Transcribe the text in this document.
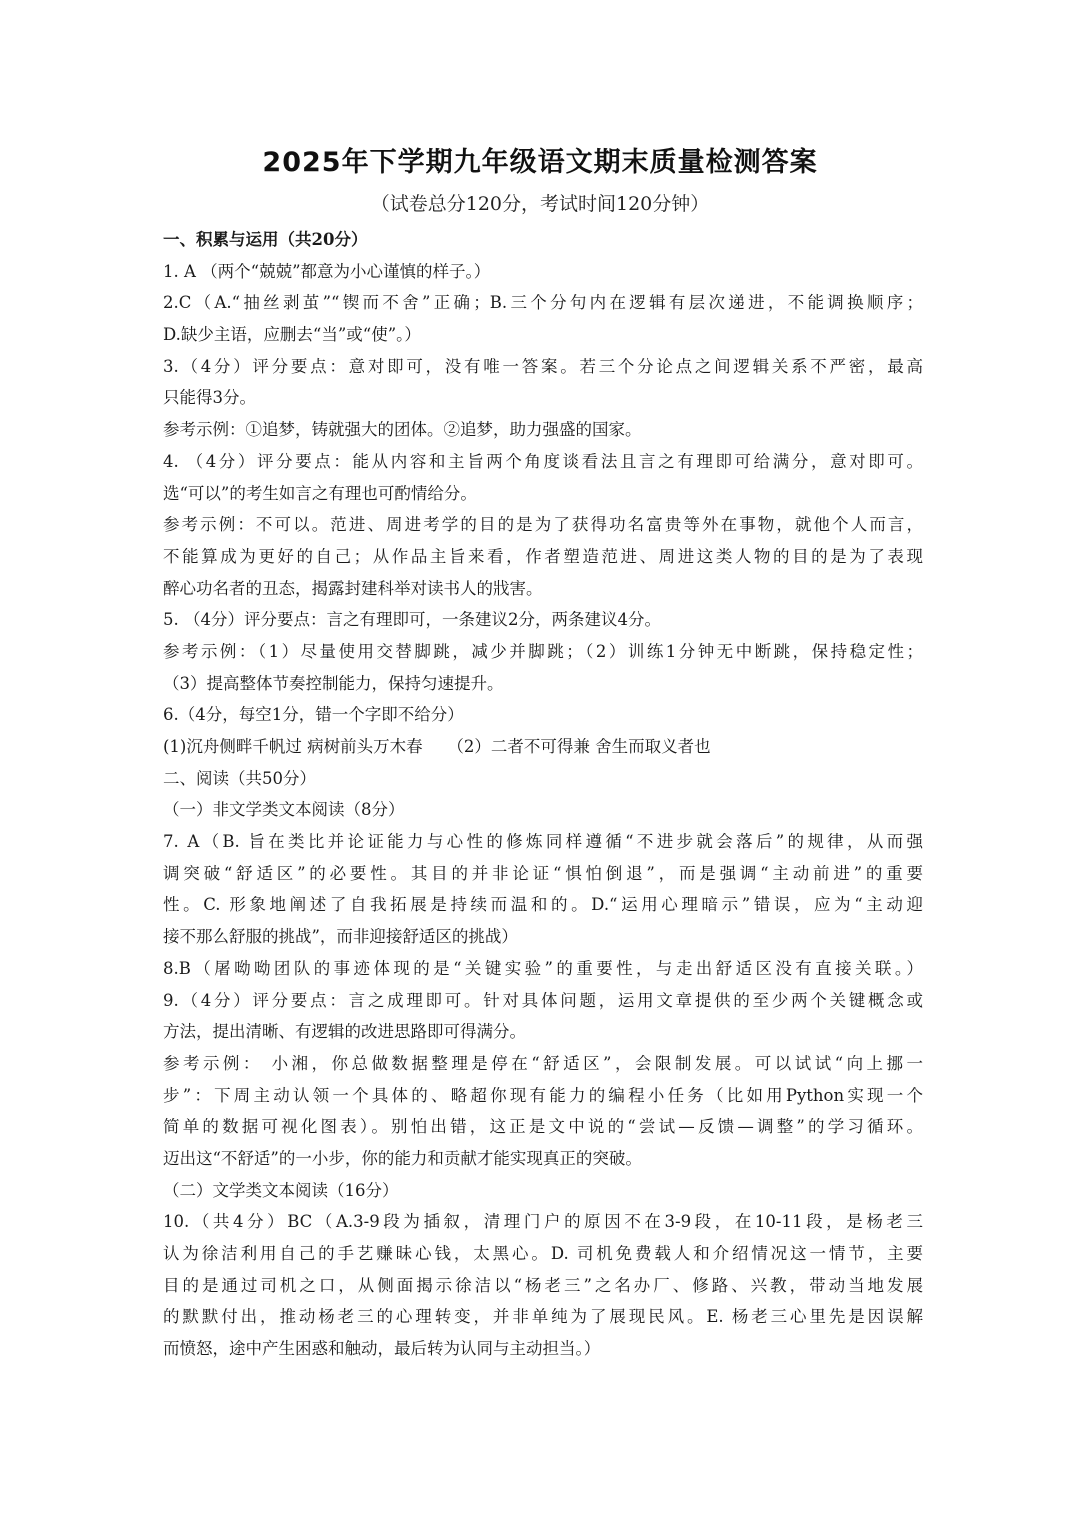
2025年下学期九年级语文期末质量检测答案
（试卷总分120分，考试时间120分钟）
一、积累与运用（共20分）
1. A （两个“兢兢”都意为小心谨慎的样子。）
2.C（A.“抽丝剥茧”“锲而不舍”正确；B.三个分句内在逻辑有层次递进，不能调换顺序；
D.缺少主语，应删去“当”或“使”。）
3.（4分）评分要点：意对即可，没有唯一答案。若三个分论点之间逻辑关系不严密，最高
只能得3分。
参考示例：①追梦，铸就强大的团体。②追梦，助力强盛的国家。
4. （4分）评分要点：能从内容和主旨两个角度谈看法且言之有理即可给满分，意对即可。
选“可以”的考生如言之有理也可酌情给分。
参考示例：不可以。范进、周进考学的目的是为了获得功名富贵等外在事物，就他个人而言，
不能算成为更好的自己；从作品主旨来看，作者塑造范进、周进这类人物的目的是为了表现
醉心功名者的丑态，揭露封建科举对读书人的戕害。
5. （4分）评分要点：言之有理即可，一条建议2分，两条建议4分。
参考示例：（1）尽量使用交替脚跳，减少并脚跳；（2）训练1分钟无中断跳，保持稳定性；
（3）提高整体节奏控制能力，保持匀速提升。
6.（4分，每空1分，错一个字即不给分）
(1)沉舟侧畔千帆过 病树前头万木春　　（2）二者不可得兼 舍生而取义者也
二、阅读（共50分）
（一）非文学类文本阅读（8分）
7. A（B. 旨在类比并论证能力与心性的修炼同样遵循“不进步就会落后”的规律，从而强
调突破“舒适区”的必要性。其目的并非论证“惧怕倒退”，而是强调“主动前进”的重要
性。C. 形象地阐述了自我拓展是持续而温和的。D.“运用心理暗示”错误，应为“主动迎
接不那么舒服的挑战”，而非迎接舒适区的挑战）
8.B（屠呦呦团队的事迹体现的是“关键实验”的重要性，与走出舒适区没有直接关联。）
9.（4分）评分要点：言之成理即可。针对具体问题，运用文章提供的至少两个关键概念或
方法，提出清晰、有逻辑的改进思路即可得满分。
参考示例： 小湘，你总做数据整理是停在“舒适区”，会限制发展。可以试试“向上挪一
步”：下周主动认领一个具体的、略超你现有能力的编程小任务（比如用Python实现一个
简单的数据可视化图表）。别怕出错，这正是文中说的“尝试—反馈—调整”的学习循环。
迈出这“不舒适”的一小步，你的能力和贡献才能实现真正的突破。
（二）文学类文本阅读（16分）
10.（共4分）BC（A.3-9段为插叙，清理门户的原因不在3-9段，在10-11段，是杨老三
认为徐洁利用自己的手艺赚昧心钱，太黑心。D. 司机免费载人和介绍情况这一情节，主要
目的是通过司机之口，从侧面揭示徐洁以“杨老三”之名办厂、修路、兴教，带动当地发展
的默默付出，推动杨老三的心理转变，并非单纯为了展现民风。E. 杨老三心里先是因误解
而愤怒，途中产生困惑和触动，最后转为认同与主动担当。）
